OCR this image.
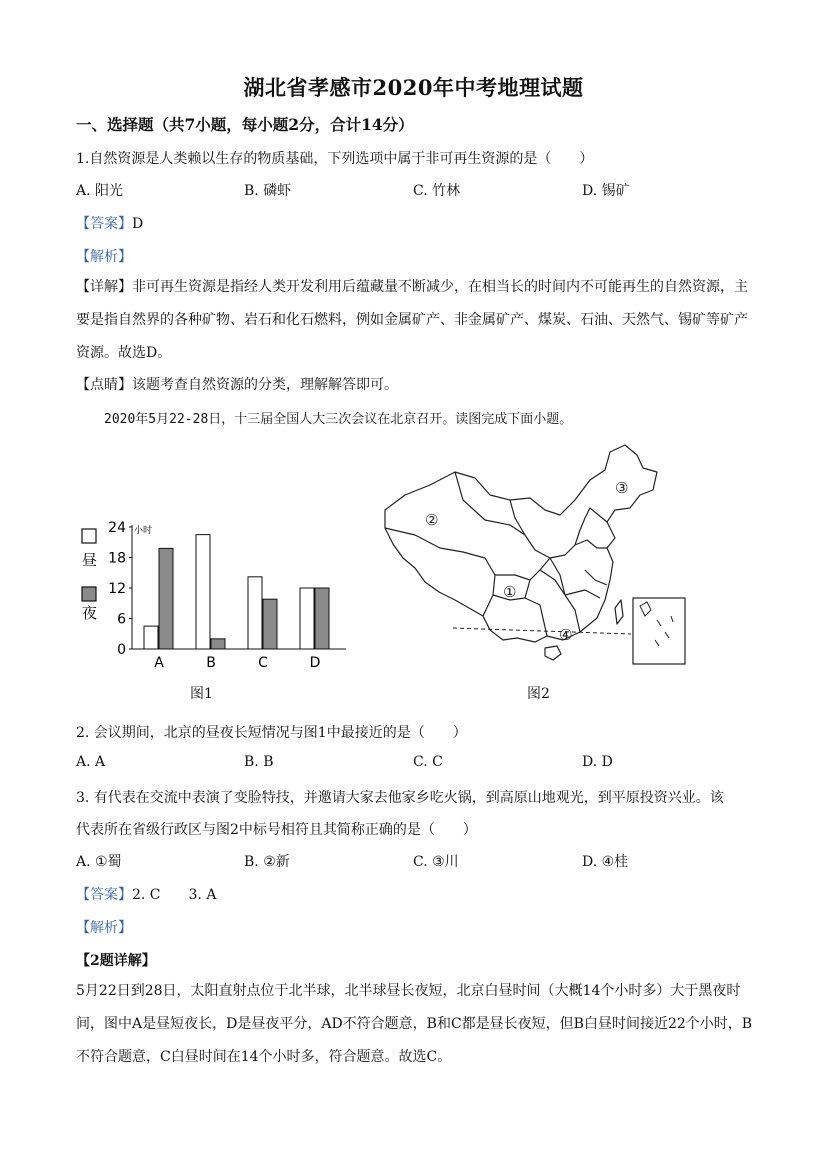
湖北省孝感市2020年中考地理试题
一、选择题（共7小题，每小题2分，合计14分）
1.自然资源是人类赖以生存的物质基础，下列选项中属于非可再生资源的是（　　）
A. 阳光	B. 磷虾	C. 竹林	D. 锡矿
【答案】D
【解析】
【详解】非可再生资源是指经人类开发利用后蕴藏量不断减少，在相当长的时间内不可能再生的自然资源，主要是指自然界的各种矿物、岩石和化石燃料，例如金属矿产、非金属矿产、煤炭、石油、天然气、锡矿等矿产资源。故选D。
【点睛】该题考查自然资源的分类，理解解答即可。
2020年5月22-28日，十三届全国人大三次会议在北京召开。读图完成下面小题。
昼
夜
小时
0
6
12
18
24
A	B	C	D
图1
①
②
③
④
图2
2. 会议期间，北京的昼夜长短情况与图1中最接近的是（　　）
A. A	B. B	C. C	D. D
3. 有代表在交流中表演了变脸特技，并邀请大家去他家乡吃火锅，到高原山地观光，到平原投资兴业。该
代表所在省级行政区与图2中标号相符且其简称正确的是（　　）
A. ①蜀	B. ②新	C. ③川	D. ④桂
【答案】2. C　　3. A
【解析】
【2题详解】
5月22日到28日，太阳直射点位于北半球，北半球昼长夜短，北京白昼时间（大概14个小时多）大于黑夜时间，图中A是昼短夜长，D是昼夜平分，AD不符合题意，B和C都是昼长夜短，但B白昼时间接近22个小时，B不符合题意，C白昼时间在14个小时多，符合题意。故选C。
